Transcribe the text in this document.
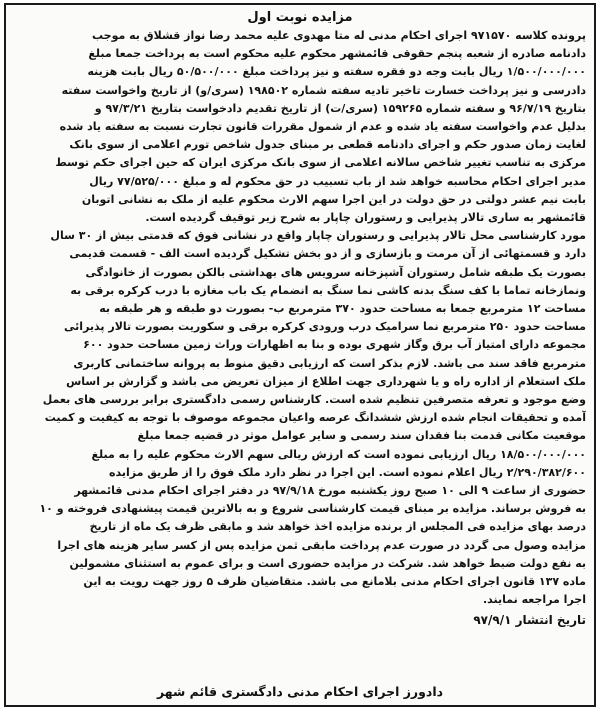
مزایده نوبت اول
پرونده کلاسه ۹۷۱۵۷۰ اجرای احکام مدنی له متا مهدوی علیه محمد رضا نواز قشلاق به موجب
دادنامه صادره از شعبه پنجم حقوقی قائمشهر محکوم علیه محکوم است به پرداخت جمعا مبلغ
۱/۵۰۰/۰۰۰/۰۰۰ ریال بابت وجه دو فقره سفته و نیز پرداخت مبلغ ۵۰/۵۰۰/۰۰۰ ریال بابت هزینه
دادرسی و نیز پرداخت خسارت تاخیر تادیه سفته شماره ۱۹۸۵۰۲ (سری/و) از تاریخ واخواست سفته
بتاریخ ۹۶/۷/۱۹ و سفته شماره ۱۵۹۲۶۵ (سری/ت) از تاریخ تقدیم دادخواست بتاریخ ۹۷/۳/۲۱ و
بدلیل عدم واخواست سفته یاد شده و عدم از شمول مقررات قانون تجارت نسبت به سفته یاد شده
لغایت زمان صدور حکم و اجرای دادنامه قطعی بر مبنای جدول شاخص تورم اعلامی از سوی بانک
مرکزی به تناسب تغییر شاخص سالانه اعلامی از سوی بانک مرکزی ایران که حین اجرای حکم توسط
مدیر اجرای احکام محاسبه خواهد شد از باب تسبیب در حق محکوم له و مبلغ ۷۷/۵۲۵/۰۰۰ ریال
بابت نیم عشر دولتی در حق دولت در این اجرا سهم الارث محکوم علیه از ملک به نشانی اتوبان
قائمشهر به ساری تالار پذیرایی و رستوران چاپار به شرح زیر توقیف گردیده است.
مورد کارشناسی محل تالار پذیرایی و رستوران چاپار واقع در نشانی فوق که قدمتی بیش از ۳۰ سال
دارد و قسمتهائی از آن مرمت و بازسازی و از دو بخش تشکیل گردیده است الف - قسمت قدیمی
بصورت یک طبقه شامل رستوران آشپزخانه سرویس های بهداشتی بالکن بصورت از خانوادگی
ونمازخانه تماما با کف سنگ بدنه کاشی نما سنگ به انضمام یک باب مغازه با درب کرکره برقی به
مساحت ۱۲ مترمربع جمعا به مساحت حدود ۳۷۰ مترمربع ب- بصورت دو طبقه و هر طبقه به
مساحت حدود ۲۵۰ مترمربع نما سرامیک درب ورودی کرکره برقی و سکوریت بصورت تالار پذیرائی
مجموعه دارای امتیاز آب برق وگاز شهری بوده و بنا به اظهارات وراث زمین مساحت حدود ۶۰۰
مترمربع فاقد سند می باشد. لازم بذکر است که ارزیابی دقیق منوط به پروانه ساختمانی کاربری
ملک استعلام از اداره راه و یا شهرداری جهت اطلاع از میزان تعریض می باشد و گزارش بر اساس
وضع موجود و تعرفه متصرفین تنظیم شده است. کارشناس رسمی دادگستری برابر بررسی های بعمل
آمده و تحقیقات انجام شده ارزش ششدانگ عرصه واعیان مجموعه موصوف با توجه به کیفیت و کمیت
موقعیت مکانی قدمت بنا فقدان سند رسمی و سایر عوامل موثر در قضیه جمعا مبلغ
۱۸/۵۰۰/۰۰۰/۰۰۰ ریال ارزیابی نموده است که ارزش ریالی سهم الارث محکوم علیه را به مبلغ
۲/۲۹۰/۳۸۲/۶۰۰ ریال اعلام نموده است. این اجرا در نظر دارد ملک فوق را از طریق مزایده
حضوری از ساعت ۹ الی ۱۰ صبح روز یکشنبه مورخ ۹۷/۹/۱۸ در دفتر اجرای احکام مدنی قائمشهر
به فروش برساند. مزایده بر مبنای قیمت کارشناسی شروع و به بالاترین قیمت پیشنهادی فروخته و ۱۰
درصد بهای مزایده فی المجلس از برنده مزایده اخذ خواهد شد و مابقی ظرف یک ماه از تاریخ
مزایده وصول می گردد در صورت عدم پرداخت مابقی ثمن مزایده پس از کسر سایر هزینه های اجرا
به نفع دولت ضبط خواهد شد. شرکت در مزایده حضوری است و برای عموم به استثنای مشمولین
ماده ۱۳۷ قانون اجرای احکام مدنی بلامانع می باشد. متقاضیان ظرف ۵ روز جهت رویت به این
اجرا مراجعه نمایند.
تاریخ انتشار ۹۷/۹/۱
دادورز اجرای احکام مدنی دادگستری قائم شهر
